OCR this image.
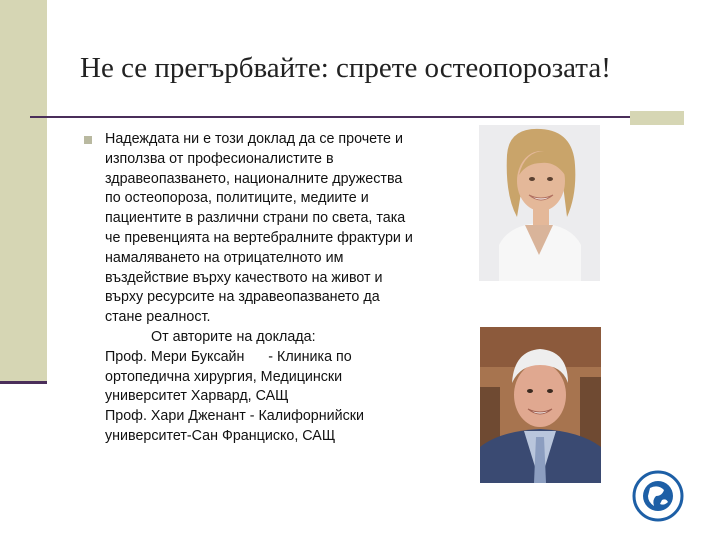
Не се прегърбвайте: спрете остеопорозата!
Надеждата ни е този доклад да се прочете и
използва от професионалистите в
здравеопазването, националните дружества
по остеопороза, политиците, медиите и
пациентите в различни страни по света, така
че превенцията на вертебралните фрактури и
намаляването на отрицателното им
въздействие върху качеството на живот и
върху ресурсите на здравеопазването да
стане реалност.
От авторите на доклада:
Проф. Мери Буксайн      - Клиника по
ортопедична хирургия, Медицински
университет Харвард, САЩ
Проф. Хари Дженант - Калифорнийски
университет-Сан Франциско, САЩ
